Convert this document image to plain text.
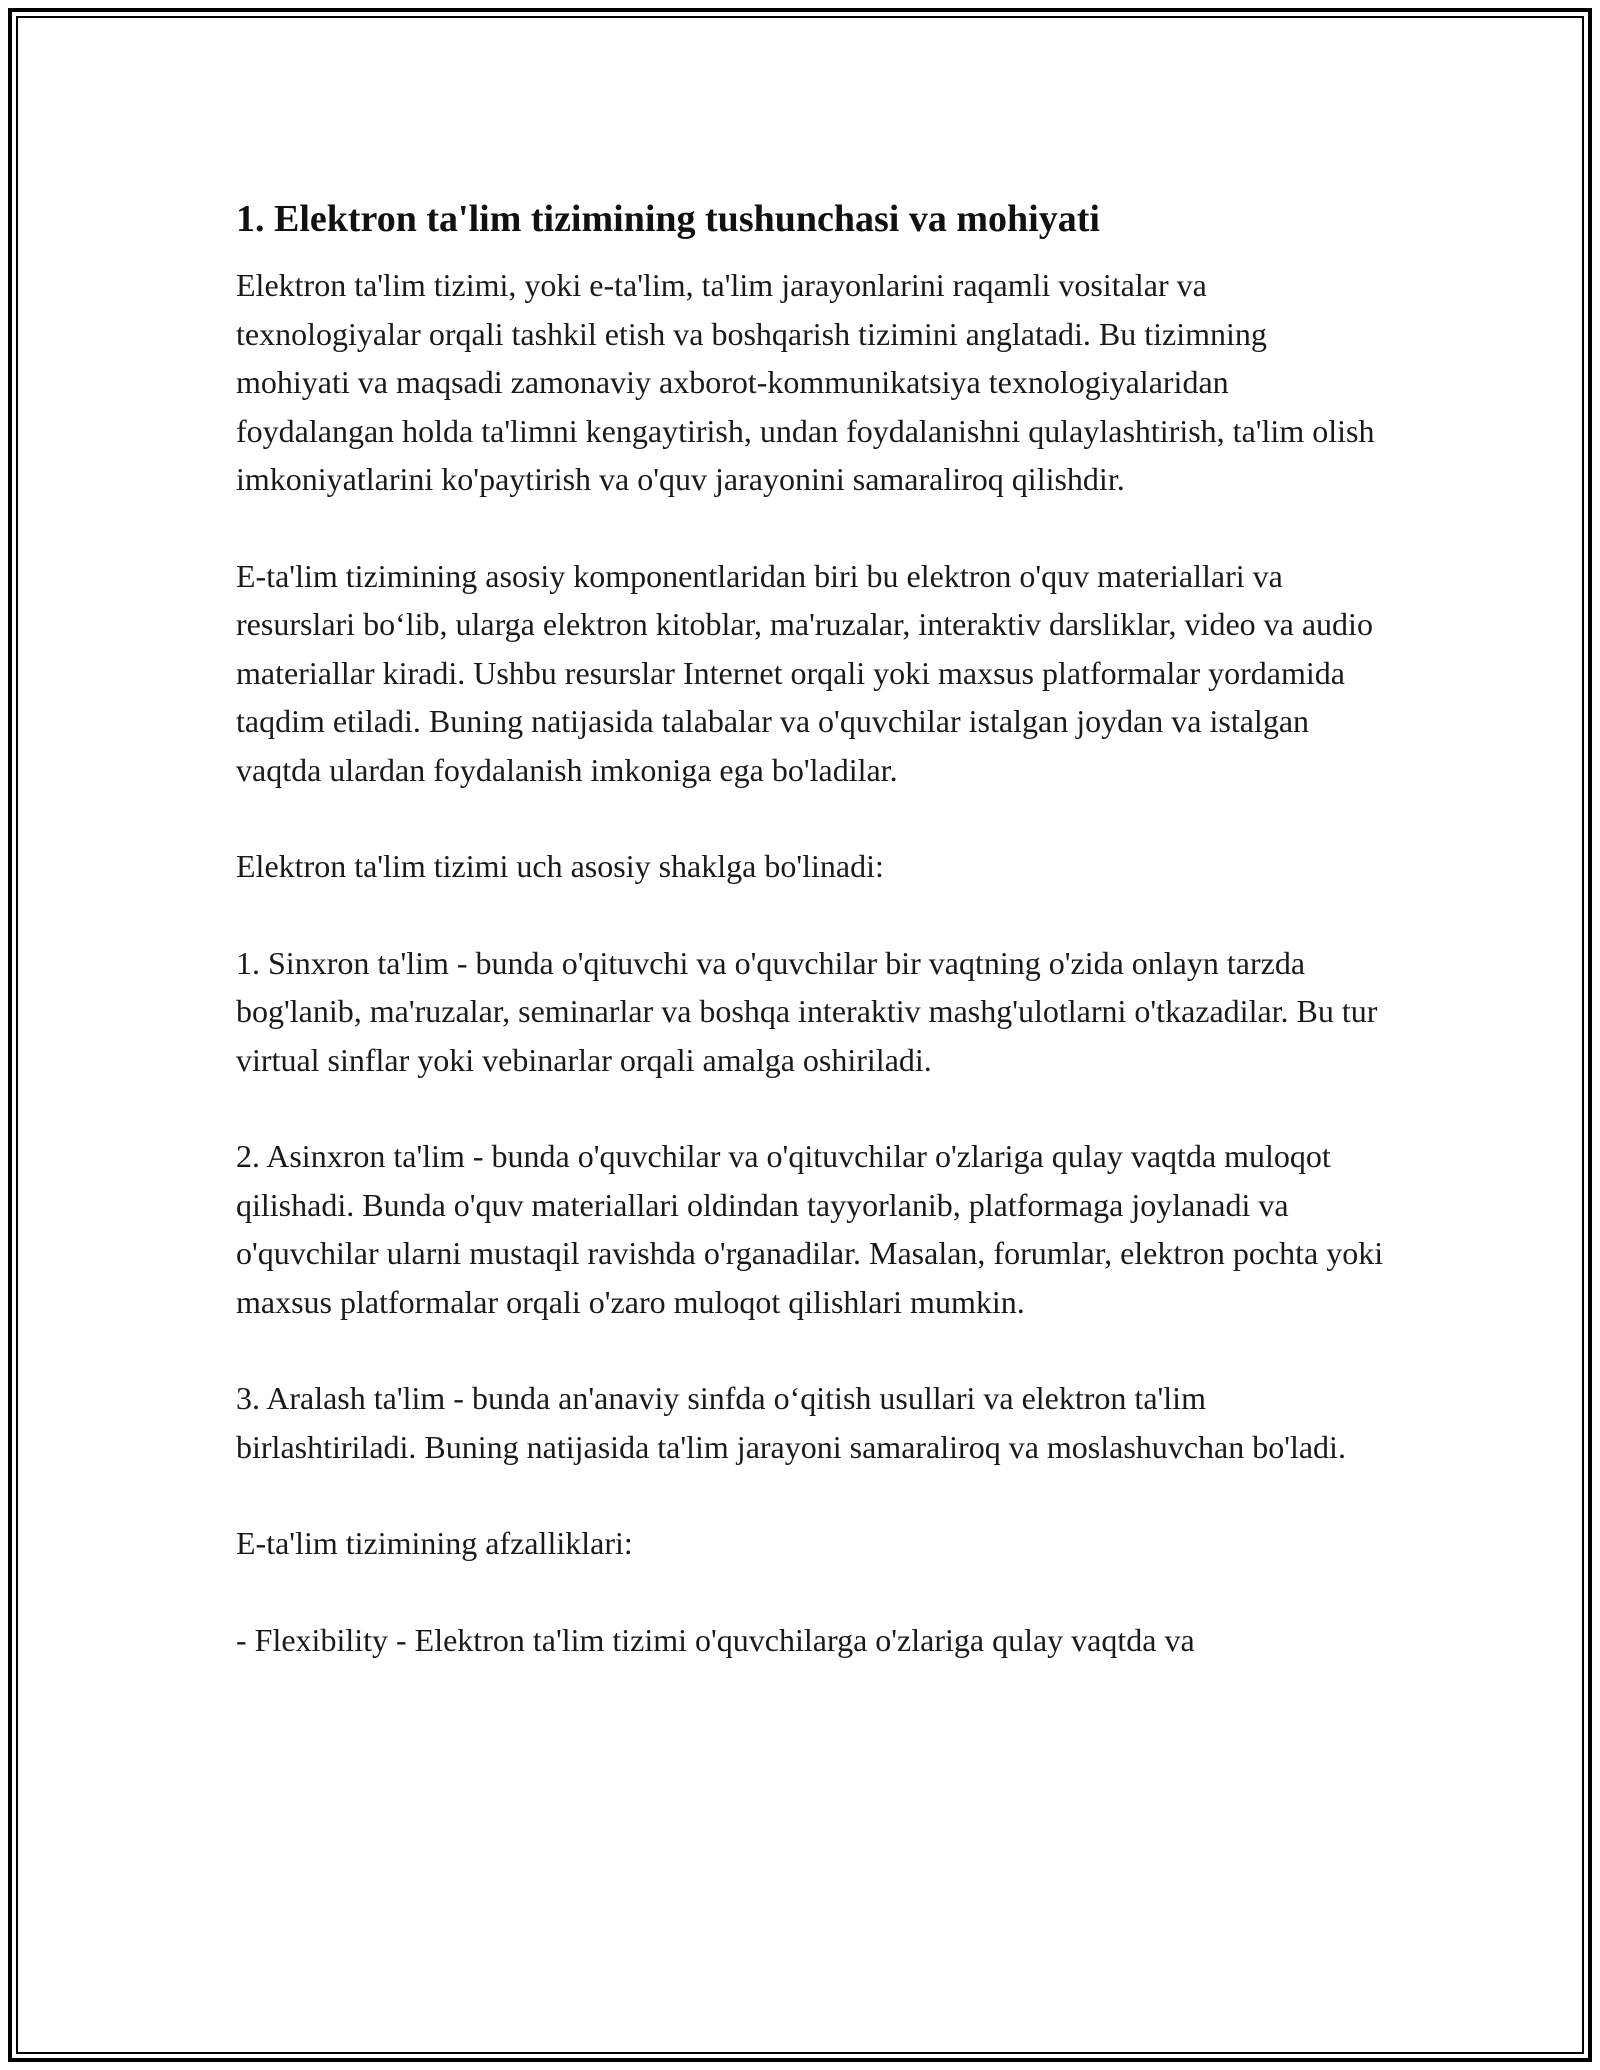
1. Elektron ta'lim tizimining tushunchasi va mohiyati

Elektron ta'lim tizimi, yoki e-ta'lim, ta'lim jarayonlarini raqamli vositalar va texnologiyalar orqali tashkil etish va boshqarish tizimini anglatadi. Bu tizimning mohiyati va maqsadi zamonaviy axborot-kommunikatsiya texnologiyalaridan foydalangan holda ta'limni kengaytirish, undan foydalanishni qulaylashtirish, ta'lim olish imkoniyatlarini ko'paytirish va o'quv jarayonini samaraliroq qilishdir.

E-ta'lim tizimining asosiy komponentlaridan biri bu elektron o'quv materiallari va resurslari bo‘lib, ularga elektron kitoblar, ma'ruzalar, interaktiv darsliklar, video va audio materiallar kiradi. Ushbu resurslar Internet orqali yoki maxsus platformalar yordamida taqdim etiladi. Buning natijasida talabalar va o'quvchilar istalgan joydan va istalgan vaqtda ulardan foydalanish imkoniga ega bo'ladilar.

Elektron ta'lim tizimi uch asosiy shaklga bo'linadi:

1. Sinxron ta'lim - bunda o'qituvchi va o'quvchilar bir vaqtning o'zida onlayn tarzda bog'lanib, ma'ruzalar, seminarlar va boshqa interaktiv mashg'ulotlarni o'tkazadilar. Bu tur virtual sinflar yoki vebinarlar orqali amalga oshiriladi.

2. Asinxron ta'lim - bunda o'quvchilar va o'qituvchilar o'zlariga qulay vaqtda muloqot qilishadi. Bunda o'quv materiallari oldindan tayyorlanib, platformaga joylanadi va o'quvchilar ularni mustaqil ravishda o'rganadilar. Masalan, forumlar, elektron pochta yoki maxsus platformalar orqali o'zaro muloqot qilishlari mumkin.

3. Aralash ta'lim - bunda an'anaviy sinfda o‘qitish usullari va elektron ta'lim birlashtiriladi. Buning natijasida ta'lim jarayoni samaraliroq va moslashuvchan bo'ladi.

E-ta'lim tizimining afzalliklari:

- Flexibility - Elektron ta'lim tizimi o'quvchilarga o'zlariga qulay vaqtda va
